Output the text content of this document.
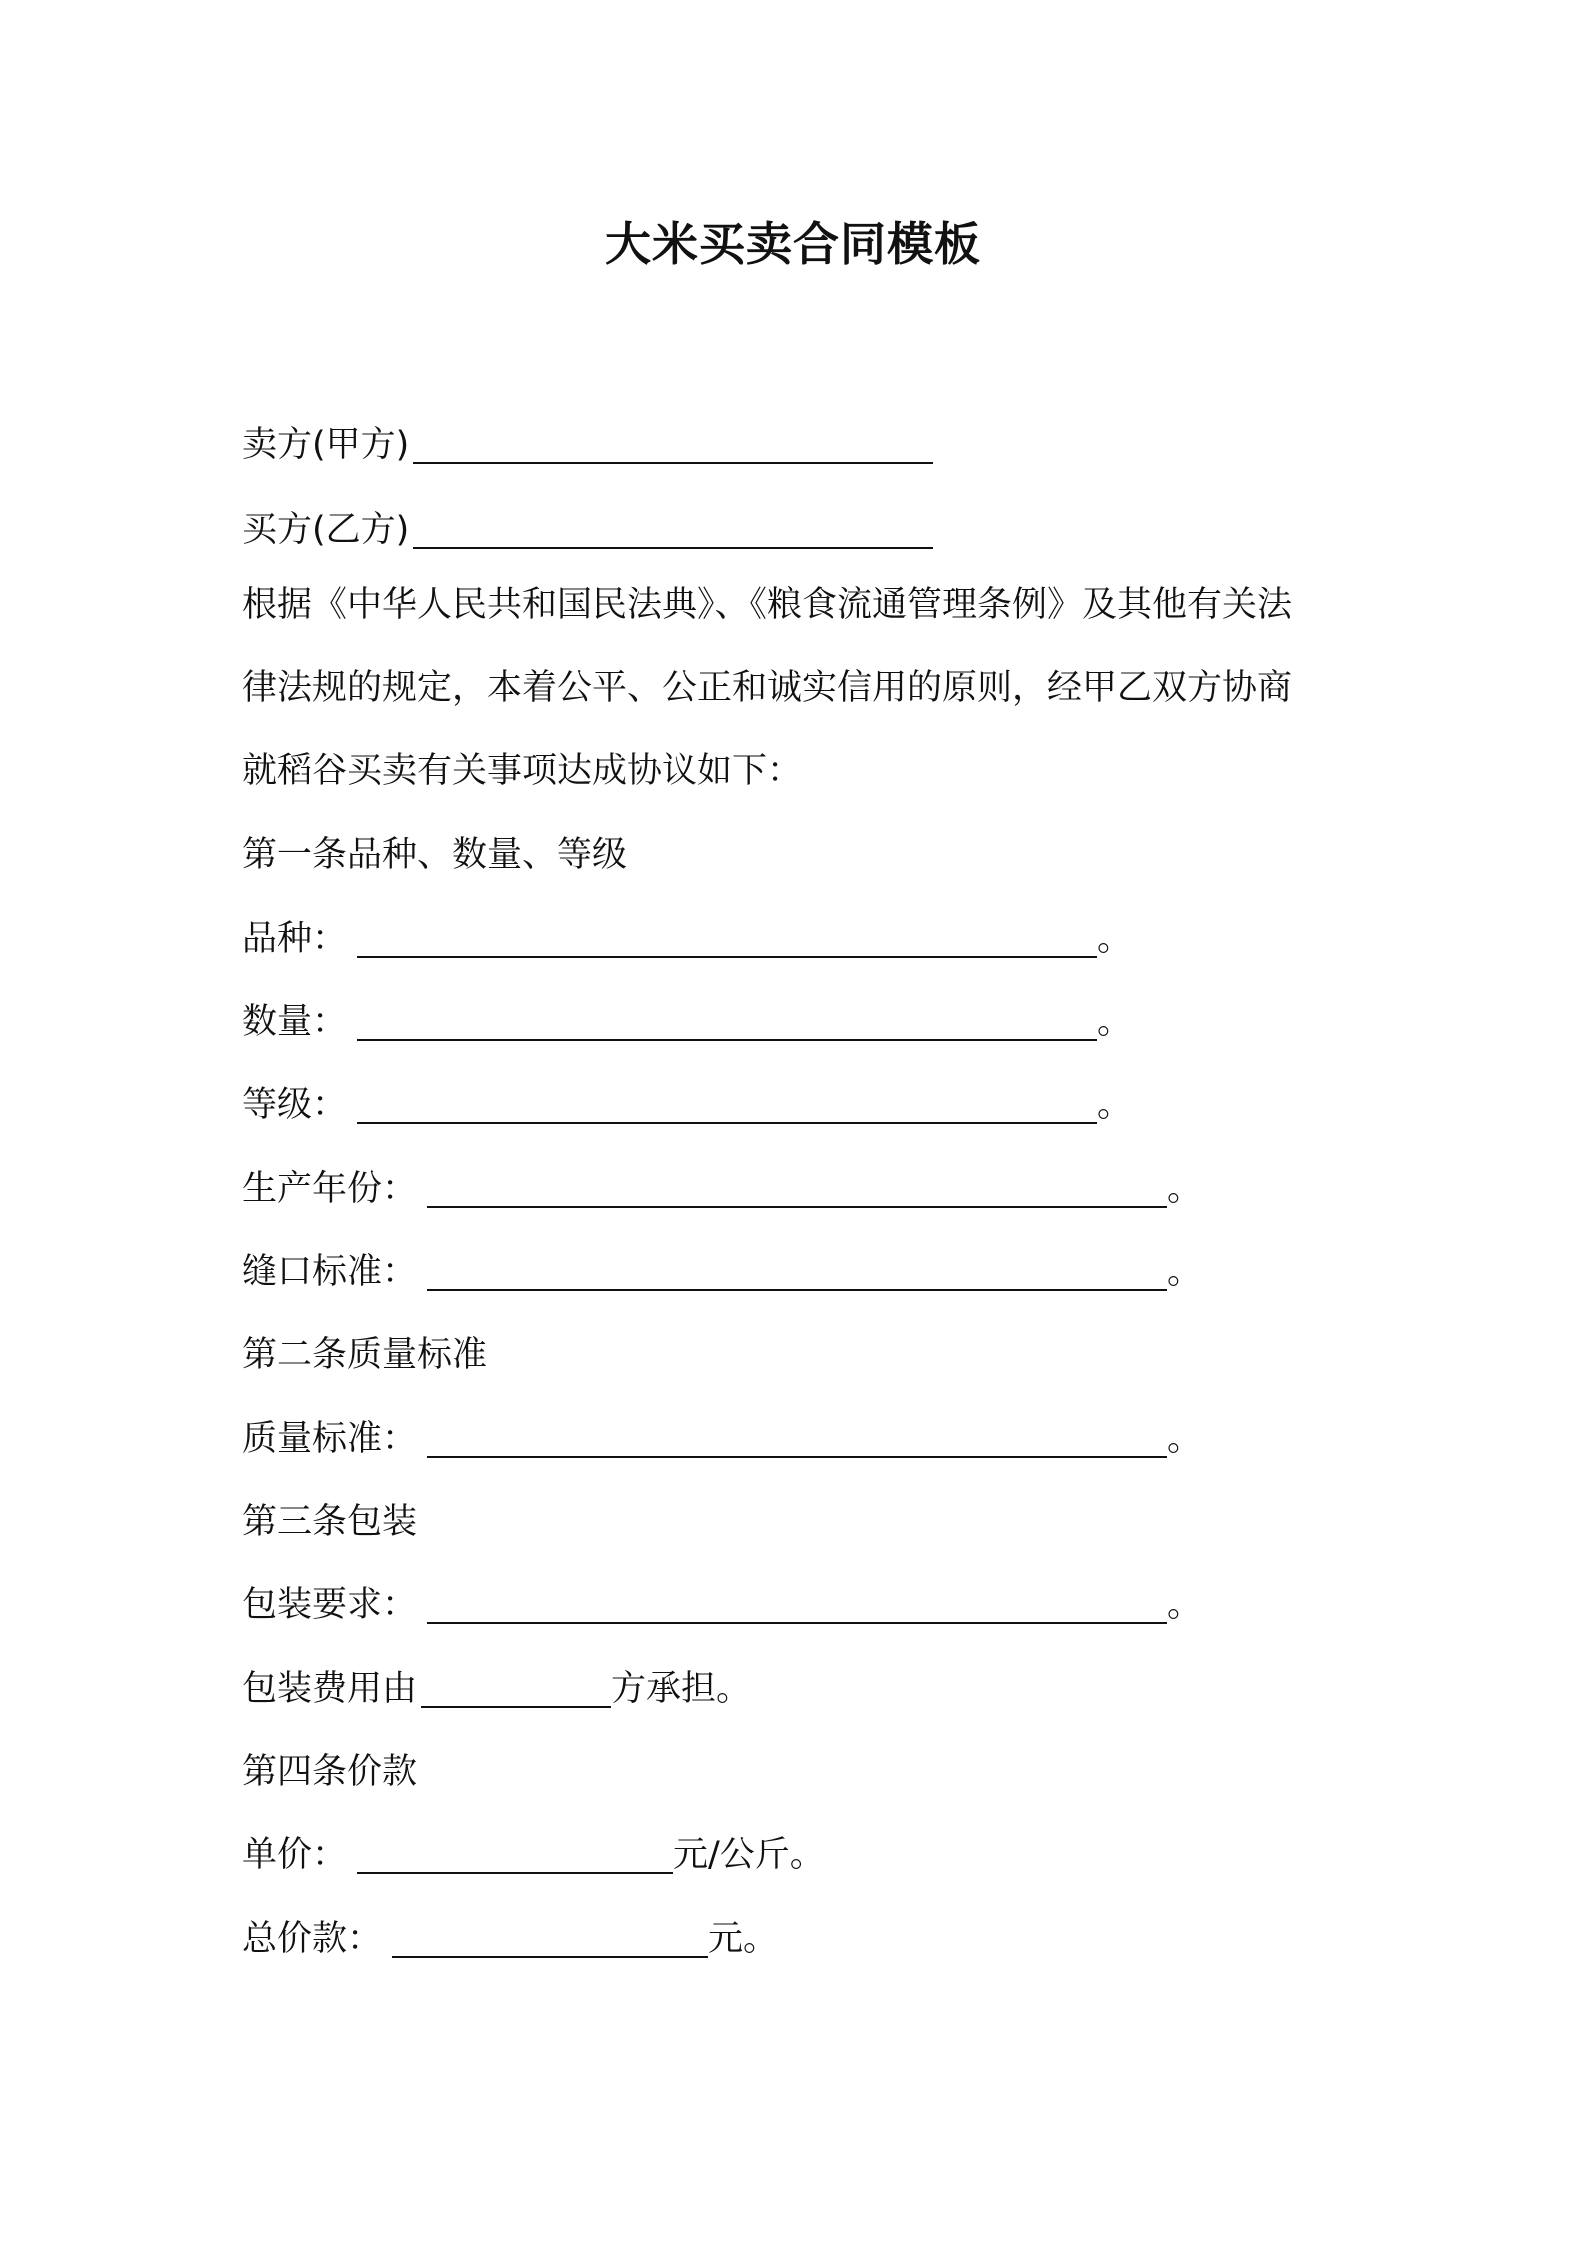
大米买卖合同模板
卖方(甲方)
买方(乙方)
根据《中华人民共和国民法典》、《粮食流通管理条例》及其他有关法
律法规的规定，本着公平、公正和诚实信用的原则，经甲乙双方协商
就稻谷买卖有关事项达成协议如下：
第一条品种、数量、等级
品种：	。
数量：	。
等级：	。
生产年份：	。
缝口标准：	。
第二条质量标准
质量标准：	。
第三条包装
包装要求：	。
包装费用由	方承担。
第四条价款
单价：	元/公斤。
总价款：	元。
